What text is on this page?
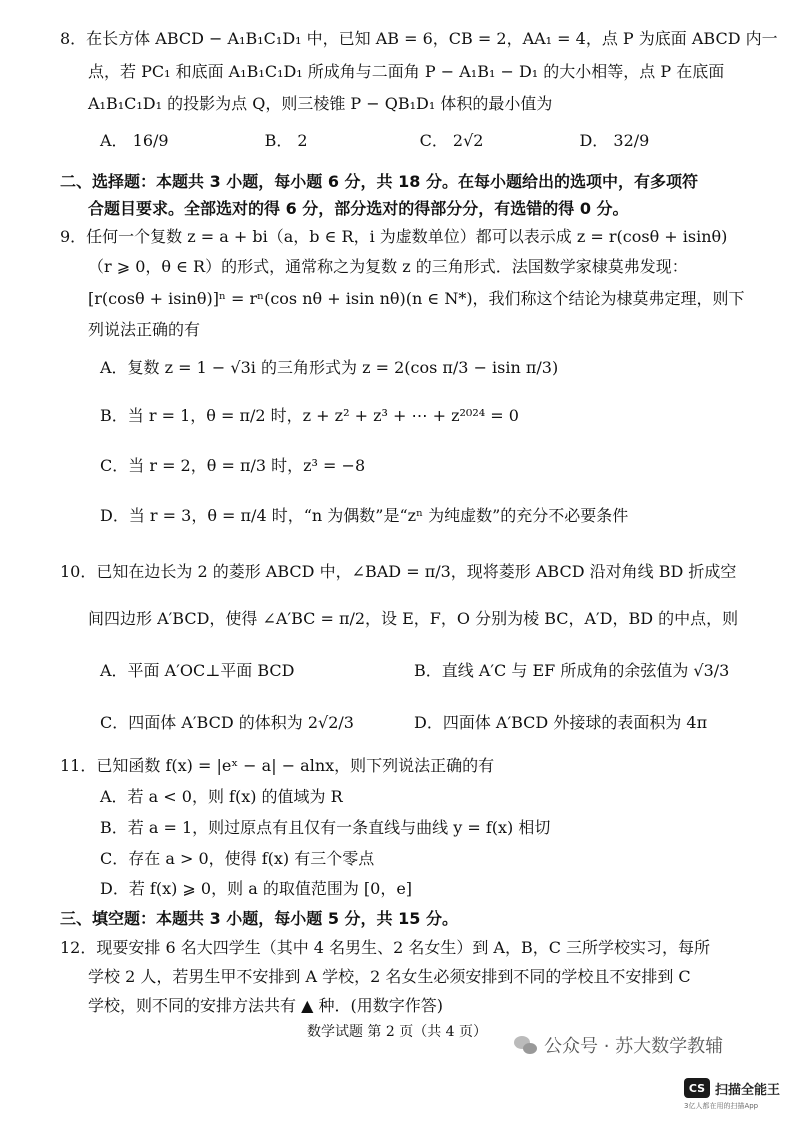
8．在长方体 ABCD − A₁B₁C₁D₁ 中，已知 AB = 6，CB = 2，AA₁ = 4，点 P 为底面 ABCD 内一
点，若 PC₁ 和底面 A₁B₁C₁D₁ 所成角与二面角 P − A₁B₁ − D₁ 的大小相等，点 P 在底面
A₁B₁C₁D₁ 的投影为点 Q，则三棱锥 P − QB₁D₁ 体积的最小值为
A． 16/9　　　　　　B． 2　　　　　　　C． 2√2　　　　　　D． 32/9
二、选择题：本题共 3 小题，每小题 6 分，共 18 分。在每小题给出的选项中，有多项符
合题目要求。全部选对的得 6 分，部分选对的得部分分，有选错的得 0 分。
9．任何一个复数 z = a + bi（a，b ∈ R，i 为虚数单位）都可以表示成 z = r(cosθ + isinθ)
（r ⩾ 0，θ ∈ R）的形式，通常称之为复数 z 的三角形式．法国数学家棣莫弗发现：
[r(cosθ + isinθ)]ⁿ = rⁿ(cos nθ + isin nθ)(n ∈ N*)，我们称这个结论为棣莫弗定理，则下
列说法正确的有
A．复数 z = 1 − √3i 的三角形式为 z = 2(cos π/3 − isin π/3)
B．当 r = 1，θ = π/2 时，z + z² + z³ + ⋯ + z²⁰²⁴ = 0
C．当 r = 2，θ = π/3 时，z³ = −8
D．当 r = 3，θ = π/4 时，“n 为偶数”是“zⁿ 为纯虚数”的充分不必要条件
10．已知在边长为 2 的菱形 ABCD 中，∠BAD = π/3，现将菱形 ABCD 沿对角线 BD 折成空
间四边形 A′BCD，使得 ∠A′BC = π/2，设 E，F，O 分别为棱 BC，A′D，BD 的中点，则
A．平面 A′OC⊥平面 BCD	B．直线 A′C 与 EF 所成角的余弦值为 √3/3
C．四面体 A′BCD 的体积为 2√2/3	D．四面体 A′BCD 外接球的表面积为 4π
11．已知函数 f(x) = |eˣ − a| − alnx，则下列说法正确的有
A．若 a < 0，则 f(x) 的值域为 R
B．若 a = 1，则过原点有且仅有一条直线与曲线 y = f(x) 相切
C．存在 a > 0，使得 f(x) 有三个零点
D．若 f(x) ⩾ 0，则 a 的取值范围为 [0，e]
三、填空题：本题共 3 小题，每小题 5 分，共 15 分。
12．现要安排 6 名大四学生（其中 4 名男生、2 名女生）到 A，B，C 三所学校实习，每所
学校 2 人，若男生甲不安排到 A 学校，2 名女生必须安排到不同的学校且不安排到 C
学校，则不同的安排方法共有 ▲ 种．(用数字作答)
数学试题 第 2 页（共 4 页）
公众号 · 苏大数学教辅
CS 扫描全能王
3亿人都在用的扫描App
